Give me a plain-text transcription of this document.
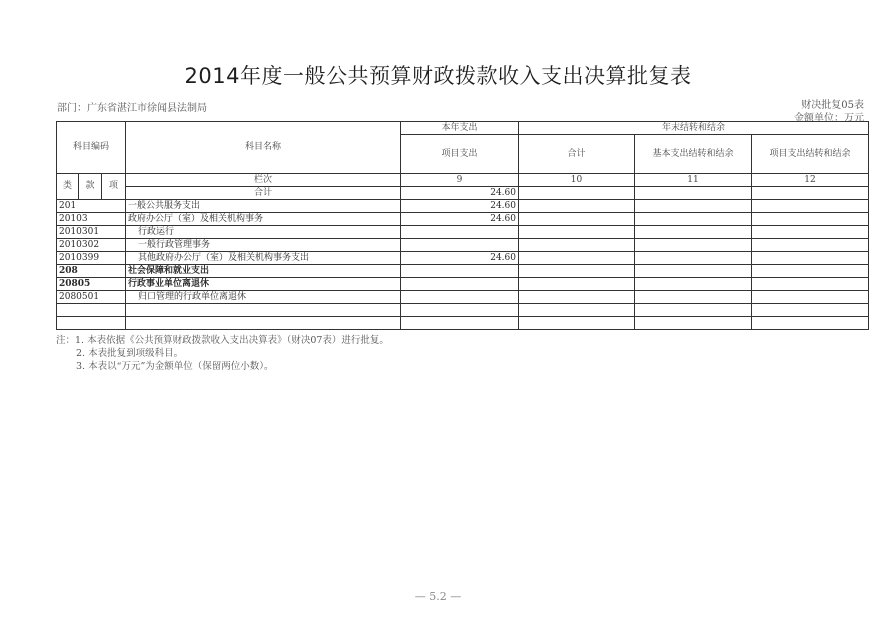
2014年度一般公共预算财政拨款收入支出决算批复表
部门：广东省湛江市徐闻县法制局	财决批复05表
金额单位：万元
科目编码			科目名称	本年支出	年末结转和结余		
				项目支出	合计	基本支出结转和结余	项目支出结转和结余
类	款	项	栏次	9	10	11	12
			合计	24.60			
201			一般公共服务支出	24.60			
20103			政府办公厅（室）及相关机构事务	24.60			
2010301			行政运行				
2010302			一般行政管理事务				
2010399			其他政府办公厅（室）及相关机构事务支出	24.60			
208			社会保障和就业支出				
20805			行政事业单位离退休				
2080501			归口管理的行政单位离退休				

注：1. 本表依据《公共预算财政拨款收入支出决算表》（财决07表）进行批复。
2. 本表批复到项级科目。
3. 本表以“万元”为金额单位（保留两位小数）。
— 5.2 —
